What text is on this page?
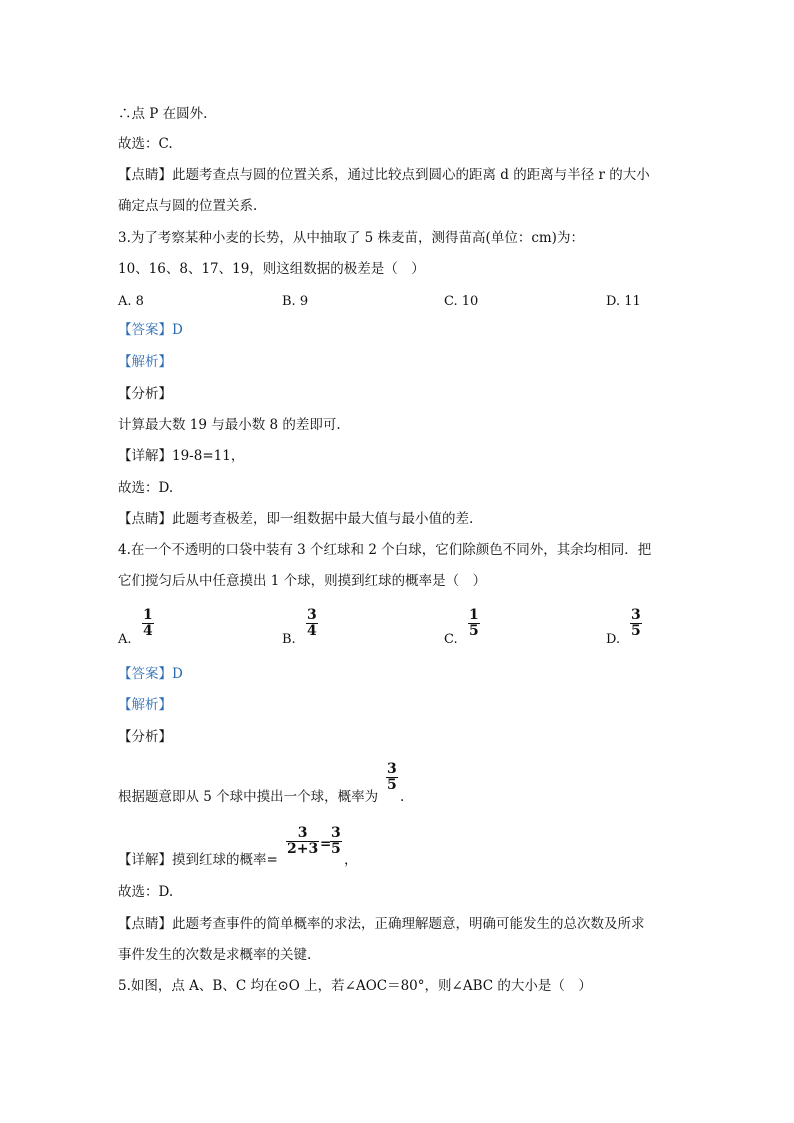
∴点 P 在圆外.
故选：C.
【点睛】此题考查点与圆的位置关系，通过比较点到圆心的距离 d 的距离与半径 r 的大小
确定点与圆的位置关系.
3.为了考察某种小麦的长势，从中抽取了 5 株麦苗，测得苗高(单位：cm)为：
10、16、8、17、19，则这组数据的极差是（　）
A. 8	B. 9	C. 10	D. 11
【答案】D
【解析】
【分析】
计算最大数 19 与最小数 8 的差即可.
【详解】19-8=11，
故选：D.
【点睛】此题考查极差，即一组数据中最大值与最小值的差.
4.在一个不透明的口袋中装有 3 个红球和 2 个白球，它们除颜色不同外，其余均相同．把
它们搅匀后从中任意摸出 1 个球，则摸到红球的概率是（　）
A.
$\frac{1}{4}$
B.
$\frac{3}{4}$
C.
$\frac{1}{5}$
D.
$\frac{3}{5}$
【答案】D
【解析】
【分析】
根据题意即从 5 个球中摸出一个球，概率为
$\frac{3}{5}$
.
【详解】摸到红球的概率=
$\frac{3}{2+3}$ =
$\frac{3}{5}$
，
故选：D.
【点睛】此题考查事件的简单概率的求法，正确理解题意，明确可能发生的总次数及所求
事件发生的次数是求概率的关键.
5.如图，点 A、B、C 均在⊙O 上，若∠AOC＝80°，则∠ABC 的大小是（　）
